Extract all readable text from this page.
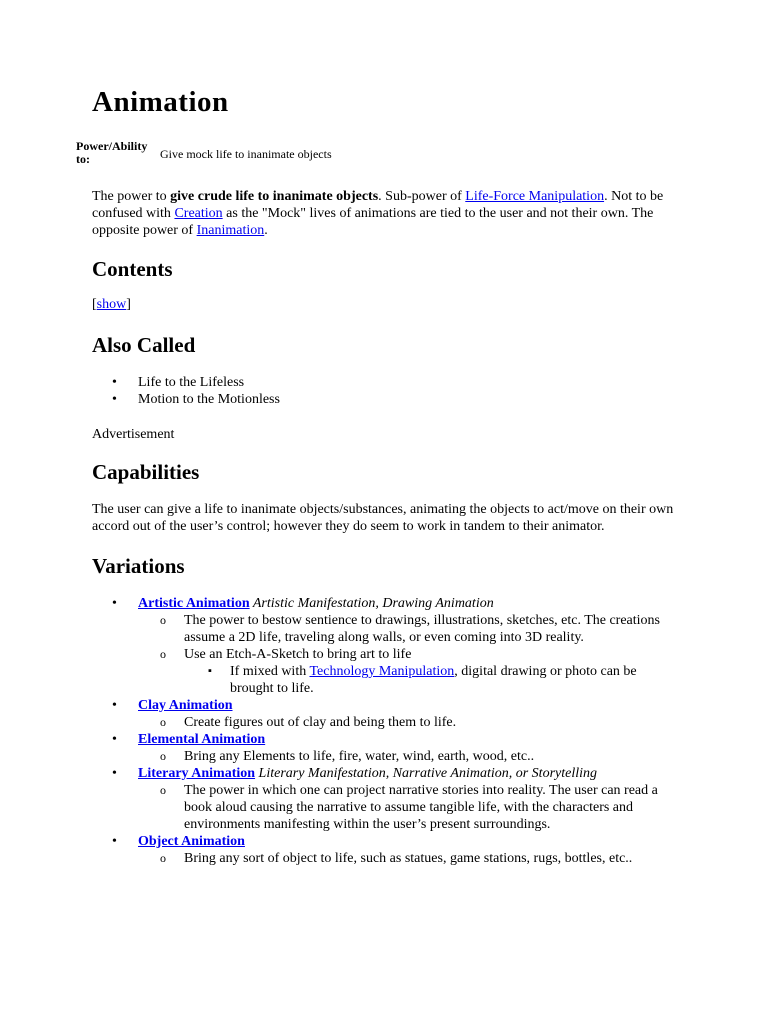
Animation
Power/Ability to:	Give mock life to inanimate objects

The power to give crude life to inanimate objects. Sub-power of Life-Force Manipulation. Not to be confused with Creation as the "Mock" lives of animations are tied to the user and not their own. The opposite power of Inanimation.

Contents

[show]

Also Called
• Life to the Lifeless
• Motion to the Motionless

Advertisement

Capabilities

The user can give a life to inanimate objects/substances, animating the objects to act/move on their own accord out of the user’s control; however they do seem to work in tandem to their animator.

Variations
• Artistic Animation Artistic Manifestation, Drawing Animation
o The power to bestow sentience to drawings, illustrations, sketches, etc. The creations assume a 2D life, traveling along walls, or even coming into 3D reality.
o Use an Etch-A-Sketch to bring art to life
▪ If mixed with Technology Manipulation, digital drawing or photo can be brought to life.
• Clay Animation
o Create figures out of clay and being them to life.
• Elemental Animation
o Bring any Elements to life, fire, water, wind, earth, wood, etc..
• Literary Animation Literary Manifestation, Narrative Animation, or Storytelling
o The power in which one can project narrative stories into reality. The user can read a book aloud causing the narrative to assume tangible life, with the characters and environments manifesting within the user’s present surroundings.
• Object Animation
o Bring any sort of object to life, such as statues, game stations, rugs, bottles, etc..
